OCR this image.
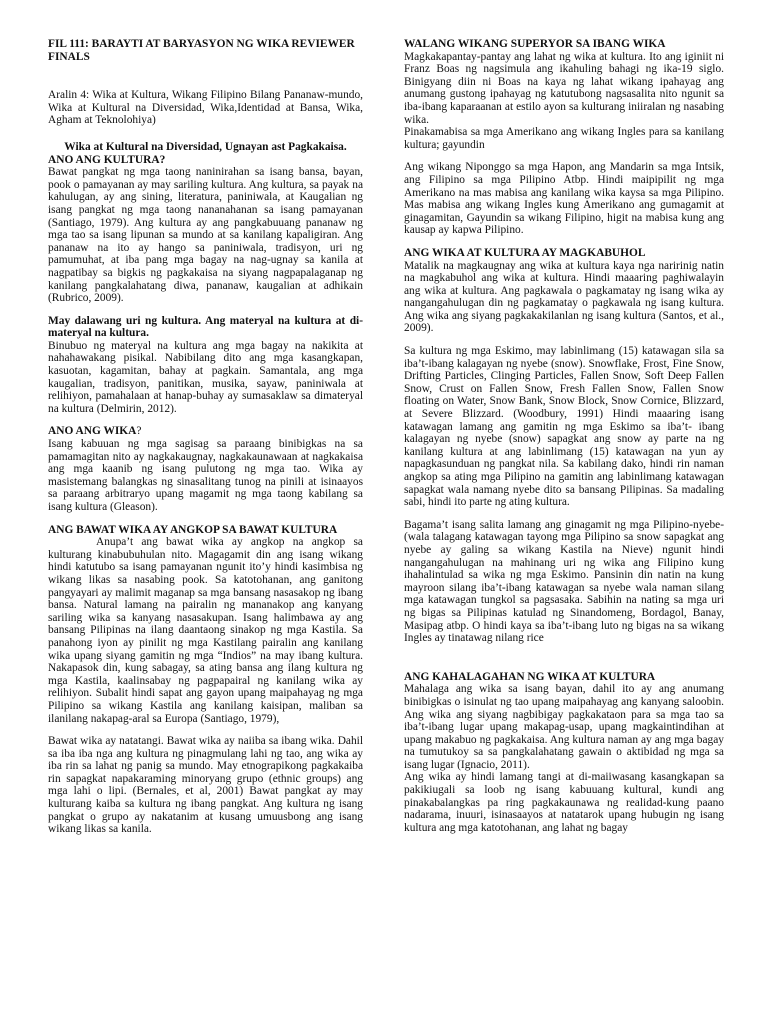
FIL 111: BARAYTI AT BARYASYON NG WIKA REVIEWER FINALS

Aralin 4: Wika at Kultura, Wikang Filipino Bilang Pananaw-mundo, Wika at Kultural na Diversidad, Wika,Identidad at Bansa, Wika, Agham at Teknolohiya)

Wika at Kultural na Diversidad, Ugnayan ast Pagkakaisa.

ANO ANG KULTURA?

Bawat pangkat ng mga taong naninirahan sa isang bansa, bayan, pook o pamayanan ay may sariling kultura. Ang kultura, sa payak na kahulugan, ay ang sining, literatura, paniniwala, at Kaugalian ng isang pangkat ng mga taong nananahanan sa isang pamayanan (Santiago, 1979). Ang kultura ay ang pangkabuuang pananaw ng mga tao sa isang lipunan sa mundo at sa kanilang kapaligiran. Ang pananaw na ito ay hango sa paniniwala, tradisyon, uri ng pamumuhat, at iba pang mga bagay na nag-ugnay sa kanila at nagpatibay sa bigkis ng pagkakaisa na siyang nagpapalaganap ng kanilang pangkalahatang diwa, pananaw, kaugalian at adhikain (Rubrico, 2009).

May dalawang uri ng kultura. Ang materyal na kultura at di-materyal na kultura.

Binubuo ng materyal na kultura ang mga bagay na nakikita at nahahawakang pisikal. Nabibilang dito ang mga kasangkapan, kasuotan, kagamitan, bahay at pagkain. Samantala, ang mga kaugalian, tradisyon, panitikan, musika, sayaw, paniniwala at relihiyon, pamahalaan at hanap-buhay ay sumasaklaw sa dimateryal na kultura (Delmirin, 2012).

ANO ANG WIKA?

Isang kabuuan ng mga sagisag sa paraang binibigkas na sa pamamagitan nito ay nagkakaugnay, nagkakaunawaan at nagkakaisa ang mga kaanib ng isang pulutong ng mga tao. Wika ay masistemang balangkas ng sinasalitang tunog na pinili at isinaayos sa paraang arbitraryo upang magamit ng mga taong kabilang sa isang kultura (Gleason).

ANG BAWAT WIKA AY ANGKOP SA BAWAT KULTURA

Anupa’t ang bawat wika ay angkop na angkop sa kulturang kinabubuhulan nito. Magagamit din ang isang wikang hindi katutubo sa isang pamayanan ngunit ito’y hindi kasimbisa ng wikang likas sa nasabing pook. Sa katotohanan, ang ganitong pangyayari ay malimit maganap sa mga bansang nasasakop ng ibang bansa. Natural lamang na pairalin ng mananakop ang kanyang sariling wika sa kanyang nasasakupan. Isang halimbawa ay ang bansang Pilipinas na ilang daantaong sinakop ng mga Kastila. Sa panahong iyon ay pinilit ng mga Kastilang pairalin ang kanilang wika upang siyang gamitin ng mga “Indios” na may ibang kultura. Nakapasok din, kung sabagay, sa ating bansa ang ilang kultura ng mga Kastila, kaalinsabay ng pagpapairal ng kanilang wika ay relihiyon. Subalit hindi sapat ang gayon upang maipahayag ng mga Pilipino sa wikang Kastila ang kanilang kaisipan, maliban sa ilanilang nakapag-aral sa Europa (Santiago, 1979),

Bawat wika ay natatangi. Bawat wika ay naiiba sa ibang wika. Dahil sa iba iba nga ang kultura ng pinagmulang lahi ng tao, ang wika ay iba rin sa lahat ng panig sa mundo. May etnograpikong pagkakaiba rin sapagkat napakaraming minoryang grupo (ethnic groups) ang mga lahi o lipi. (Bernales, et al, 2001) Bawat pangkat ay may kulturang kaiba sa kultura ng ibang pangkat. Ang kultura ng isang pangkat o grupo ay nakatanim at kusang umuusbong ang isang wikang likas sa kanila.

WALANG WIKANG SUPERYOR SA IBANG WIKA

Magkakapantay-pantay ang lahat ng wika at kultura. Ito ang iginiit ni Franz Boas ng nagsimula ang ikahuling bahagi ng ika-19 siglo. Binigyang diin ni Boas na kaya ng lahat wikang ipahayag ang anumang gustong ipahayag ng katutubong nagsasalita nito ngunit sa iba-ibang kaparaanan at estilo ayon sa kulturang iniiralan ng nasabing wika.

Pinakamabisa sa mga Amerikano ang wikang Ingles para sa kanilang kultura; gayundin

Ang wikang Niponggo sa mga Hapon, ang Mandarin sa mga Intsik, ang Filipino sa mga Pilipino Atbp. Hindi maipipilit ng mga Amerikano na mas mabisa ang kanilang wika kaysa sa mga Pilipino. Mas mabisa ang wikang Ingles kung Amerikano ang gumagamit at ginagamitan, Gayundin sa wikang Filipino, higit na mabisa kung ang kausap ay kapwa Pilipino.

ANG WIKA AT KULTURA AY MAGKABUHOL

Matalik na magkaugnay ang wika at kultura kaya nga naririnig natin na magkabuhol ang wika at kultura. Hindi maaaring paghiwalayin ang wika at kultura. Ang pagkawala o pagkamatay ng isang wika ay nangangahulugan din ng pagkamatay o pagkawala ng isang kultura. Ang wika ang siyang pagkakakilanlan ng isang kultura (Santos, et al., 2009).

Sa kultura ng mga Eskimo, may labinlimang (15) katawagan sila sa iba’t-ibang kalagayan ng nyebe (snow). Snowflake, Frost, Fine Snow, Drifting Particles, Clinging Particles, Fallen Snow, Soft Deep Fallen Snow, Crust on Fallen Snow, Fresh Fallen Snow, Fallen Snow floating on Water, Snow Bank, Snow Block, Snow Cornice, Blizzard, at Severe Blizzard. (Woodbury, 1991) Hindi maaaring isang katawagan lamang ang gamitin ng mga Eskimo sa iba’t- ibang kalagayan ng nyebe (snow) sapagkat ang snow ay parte na ng kanilang kultura at ang labinlimang (15) katawagan na yun ay napagkasunduan ng pangkat nila. Sa kabilang dako, hindi rin naman angkop sa ating mga Pilipino na gamitin ang labinlimang katawagan sapagkat wala namang nyebe dito sa bansang Pilipinas. Sa madaling sabi, hindi ito parte ng ating kultura.

Bagama’t isang salita lamang ang ginagamit ng mga Pilipino-nyebe- (wala talagang katawagan tayong mga Pilipino sa snow sapagkat ang nyebe ay galing sa wikang Kastila na Nieve) ngunit hindi nangangahulugan na mahinang uri ng wika ang Filipino kung ihahalintulad sa wika ng mga Eskimo. Pansinin din natin na kung mayroon silang iba’t-ibang katawagan sa nyebe wala naman silang mga katawagan tungkol sa pagsasaka. Sabihin na nating sa mga uri ng bigas sa Pilipinas katulad ng Sinandomeng, Bordagol, Banay, Masipag atbp. O hindi kaya sa iba’t-ibang luto ng bigas na sa wikang Ingles ay tinatawag nilang rice

ANG KAHALAGAHAN NG WIKA AT KULTURA

Mahalaga ang wika sa isang bayan, dahil ito ay ang anumang binibigkas o isinulat ng tao upang maipahayag ang kanyang saloobin. Ang wika ang siyang nagbibigay pagkakataon para sa mga tao sa iba’t-ibang lugar upang makapag-usap, upang magkaintindihan at upang makabuo ng pagkakaisa. Ang kultura naman ay ang mga bagay na tumutukoy sa sa pangkalahatang gawain o aktibidad ng mga sa isang lugar (Ignacio, 2011).

Ang wika ay hindi lamang tangi at di-maiiwasang kasangkapan sa pakikiugali sa loob ng isang kabuuang kultural, kundi ang pinakabalangkas pa ring pagkakaunawa ng realidad-kung paano nadarama, inuuri, isinasaayos at natatarok upang hubugin ng isang kultura ang mga katotohanan, ang lahat ng bagay
